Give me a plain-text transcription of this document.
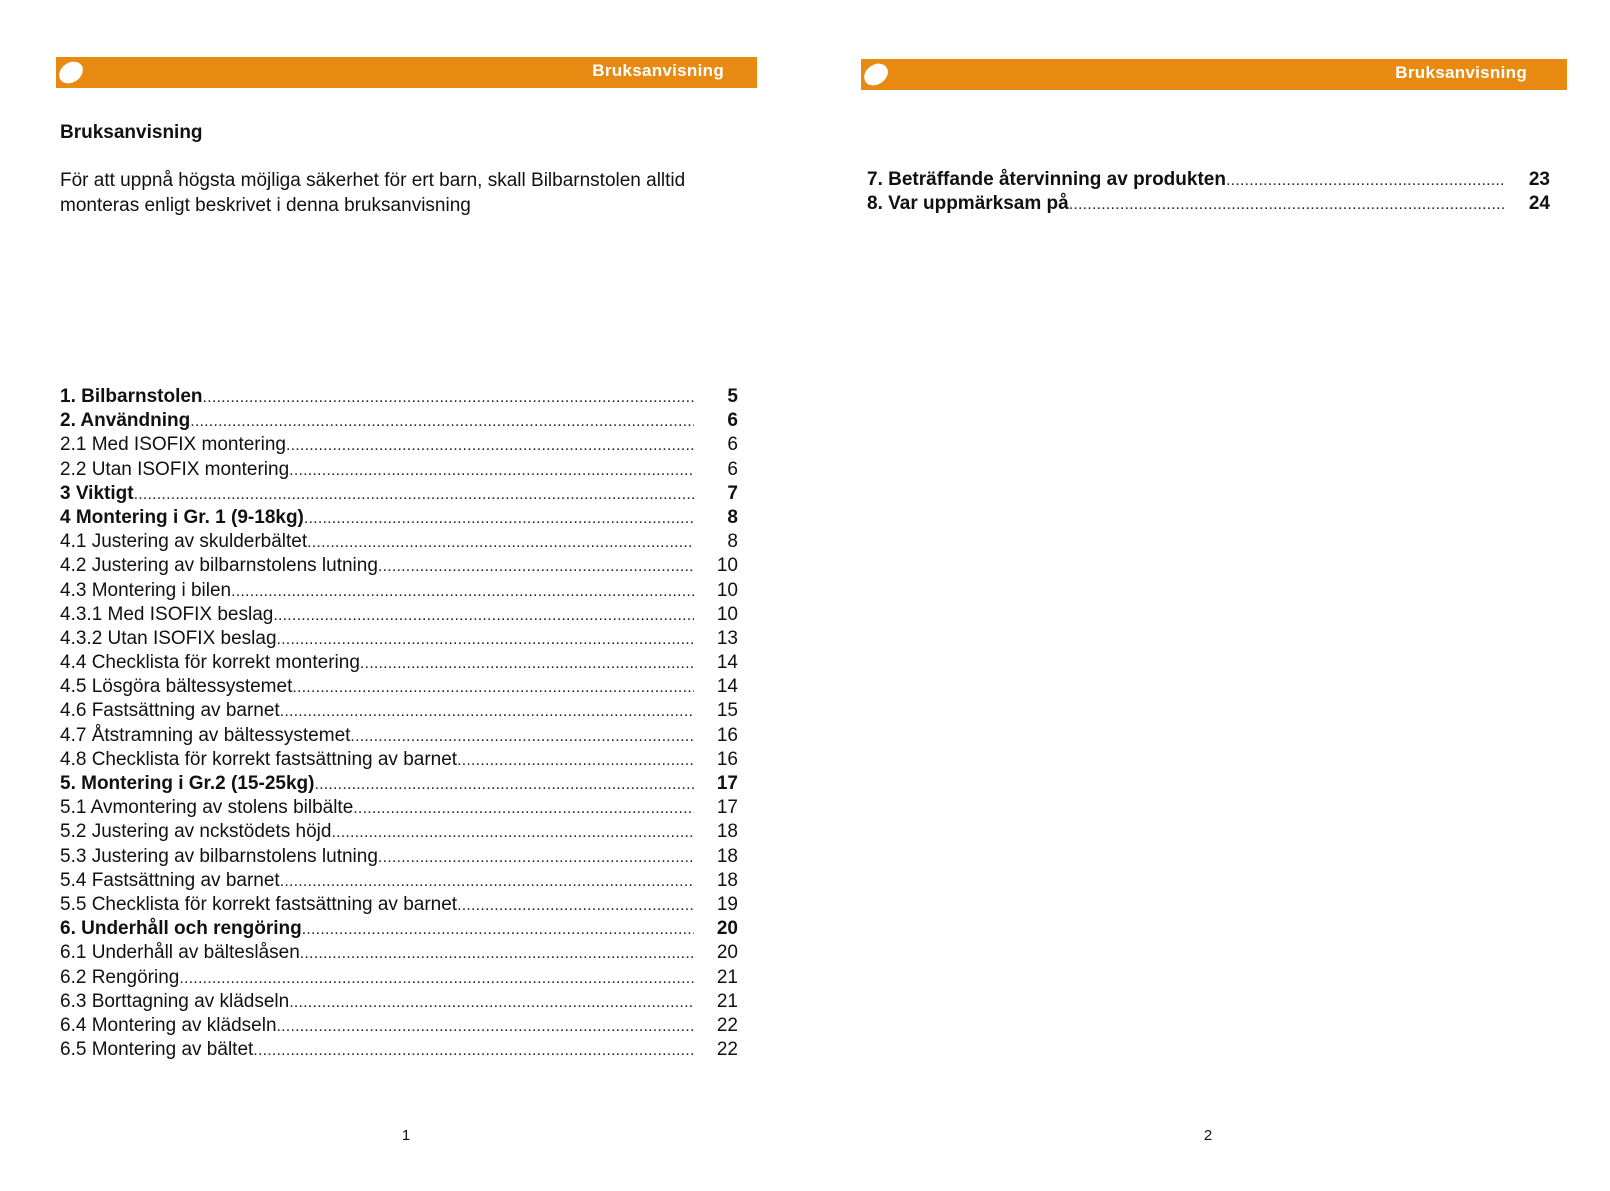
Bruksanvisning
Bruksanvisning

För att uppnå högsta möjliga säkerhet för ert barn, skall Bilbarnstolen alltid monteras enligt beskrivet i denna bruksanvisning

1. Bilbarnstolen .....	5
2. Användning .....	6
2.1 Med ISOFIX montering .....	6
2.2 Utan ISOFIX montering .....	6
3 Viktigt .....	7
4 Montering i Gr. 1 (9-18kg) .....	8
4.1 Justering av skulderbältet .....	8
4.2 Justering av bilbarnstolens lutning .....	10
4.3 Montering i bilen .....	10
4.3.1 Med ISOFIX beslag .....	10
4.3.2 Utan ISOFIX beslag .....	13
4.4 Checklista för korrekt montering .....	14
4.5 Lösgöra bältessystemet .....	14
4.6 Fastsättning av barnet .....	15
4.7 Åtstramning av bältessystemet .....	16
4.8 Checklista för korrekt fastsättning av barnet .....	16
5. Montering i Gr.2 (15-25kg) .....	17
5.1 Avmontering av stolens bilbälte .....	17
5.2 Justering av nckstödets höjd .....	18
5.3 Justering av bilbarnstolens lutning .....	18
5.4 Fastsättning av barnet .....	18
5.5 Checklista för korrekt fastsättning av barnet .....	19
6. Underhåll och rengöring .....	20
6.1 Underhåll av bälteslåsen .....	20
6.2 Rengöring .....	21
6.3 Borttagning av klädseln .....	21
6.4 Montering av klädseln .....	22
6.5 Montering av bältet .....	22
1
Bruksanvisning
7. Beträffande återvinning av produkten .....	23
8. Var uppmärksam på .....	24
2
